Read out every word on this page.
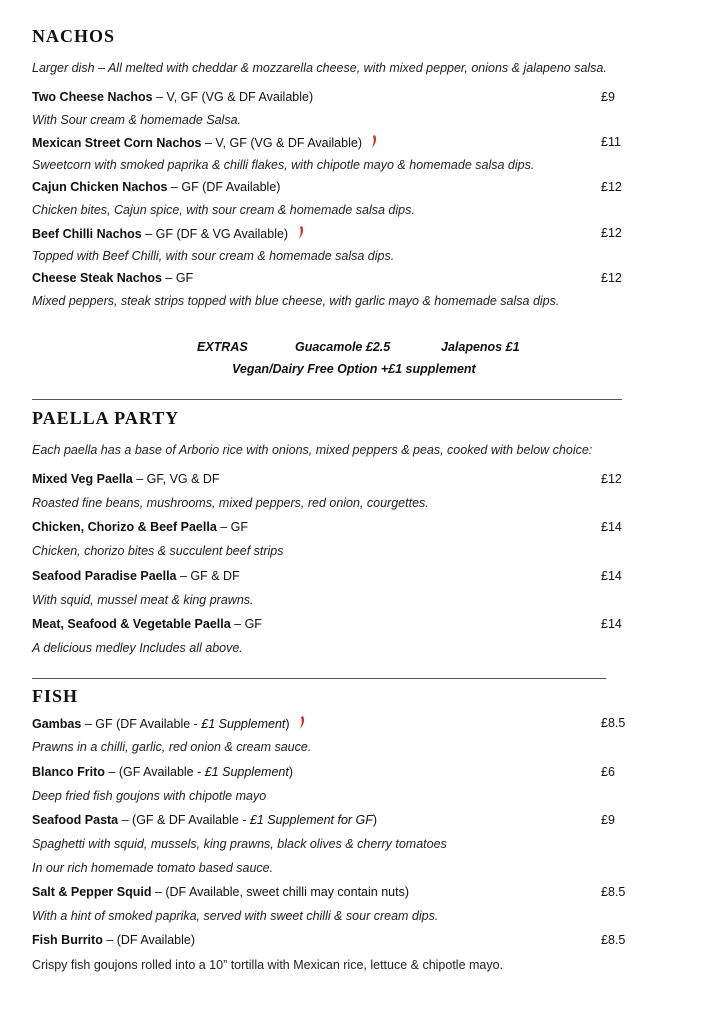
NACHOS
Larger dish – All melted with cheddar & mozzarella cheese, with mixed pepper, onions & jalapeno salsa.
Two Cheese Nachos – V, GF (VG & DF Available)	£9
With Sour cream & homemade Salsa.
Mexican Street Corn Nachos – V, GF (VG & DF Available)	£11
Sweetcorn with smoked paprika & chilli flakes, with chipotle mayo & homemade salsa dips.
Cajun Chicken Nachos – GF (DF Available)	£12
Chicken bites, Cajun spice, with sour cream & homemade salsa dips.
Beef Chilli Nachos – GF (DF & VG Available)	£12
Topped with Beef Chilli, with sour cream & homemade salsa dips.
Cheese Steak Nachos – GF	£12
Mixed peppers, steak strips topped with blue cheese, with garlic mayo & homemade salsa dips.
EXTRAS	Guacamole £2.5	Jalapenos £1
Vegan/Dairy Free Option +£1 supplement
PAELLA PARTY
Each paella has a base of Arborio rice with onions, mixed peppers & peas, cooked with below choice:
Mixed Veg Paella – GF, VG & DF	£12
Roasted fine beans, mushrooms, mixed peppers, red onion, courgettes.
Chicken, Chorizo & Beef Paella – GF	£14
Chicken, chorizo bites & succulent beef strips
Seafood Paradise Paella – GF & DF	£14
With squid, mussel meat & king prawns.
Meat, Seafood & Vegetable Paella – GF	£14
A delicious medley Includes all above.
FISH
Gambas – GF (DF Available - £1 Supplement)	£8.5
Prawns in a chilli, garlic, red onion & cream sauce.
Blanco Frito – (GF Available - £1 Supplement)	£6
Deep fried fish goujons with chipotle mayo
Seafood Pasta – (GF & DF Available - £1 Supplement for GF)	£9
Spaghetti with squid, mussels, king prawns, black olives & cherry tomatoes
In our rich homemade tomato based sauce.
Salt & Pepper Squid – (DF Available, sweet chilli may contain nuts)	£8.5
With a hint of smoked paprika, served with sweet chilli & sour cream dips.
Fish Burrito – (DF Available)	£8.5
Crispy fish goujons rolled into a 10” tortilla with Mexican rice, lettuce & chipotle mayo.
